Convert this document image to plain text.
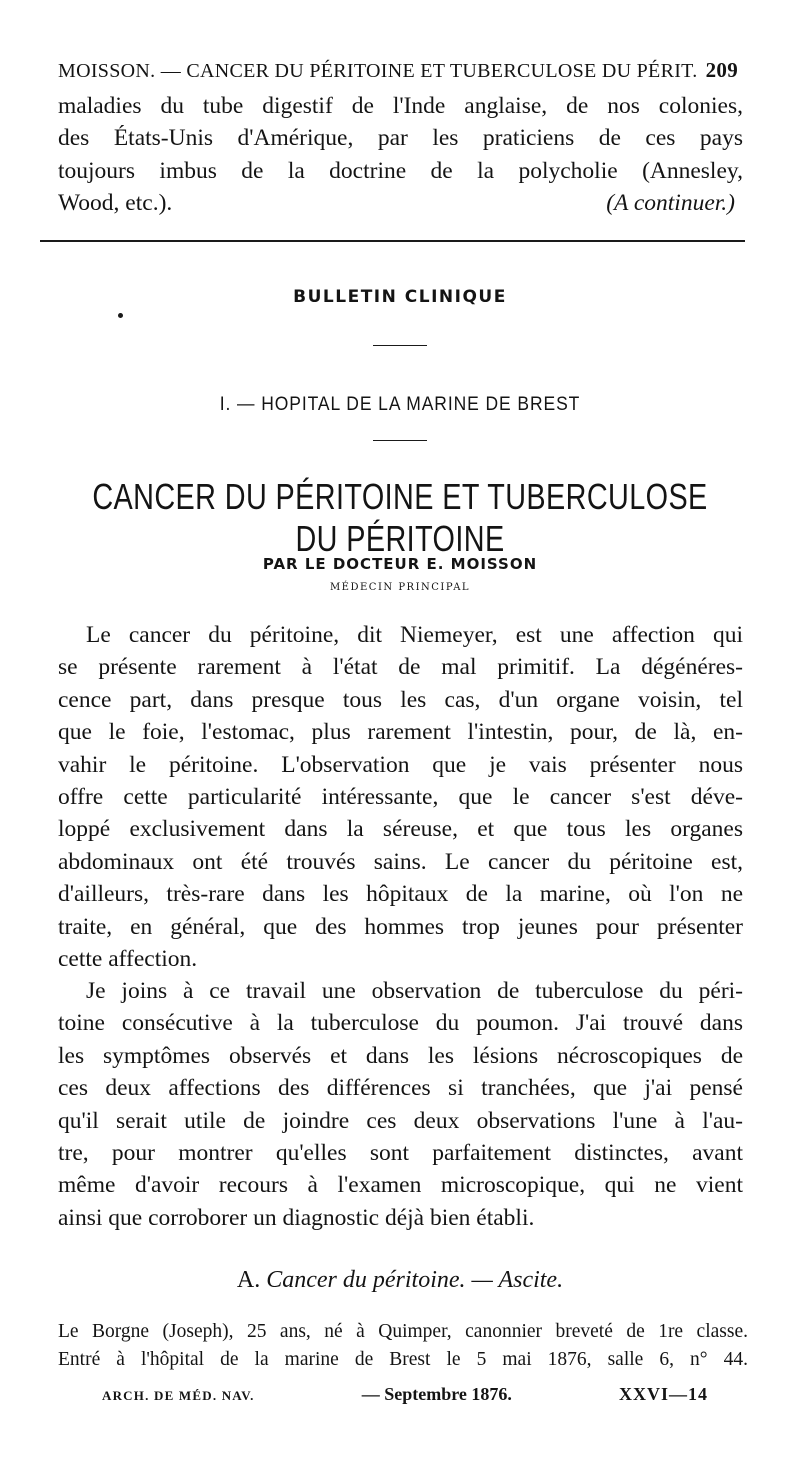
MOISSON. — CANCER DU PÉRITOINE ET TUBERCULOSE DU PÉRIT. 209
maladies du tube digestif de l'Inde anglaise, de nos colonies,
des États-Unis d'Amérique, par les praticiens de ces pays
toujours imbus de la doctrine de la polycholie (Annesley,
Wood, etc.).	(A continuer.)
BULLETIN CLINIQUE
I. — HOPITAL DE LA MARINE DE BREST
CANCER DU PÉRITOINE ET TUBERCULOSE DU PÉRITOINE
PAR LE DOCTEUR E. MOISSON
MÉDECIN PRINCIPAL
Le cancer du péritoine, dit Niemeyer, est une affection qui
se présente rarement à l'état de mal primitif. La dégénéres-
cence part, dans presque tous les cas, d'un organe voisin, tel
que le foie, l'estomac, plus rarement l'intestin, pour, de là, en-
vahir le péritoine. L'observation que je vais présenter nous
offre cette particularité intéressante, que le cancer s'est déve-
loppé exclusivement dans la séreuse, et que tous les organes
abdominaux ont été trouvés sains. Le cancer du péritoine est,
d'ailleurs, très-rare dans les hôpitaux de la marine, où l'on ne
traite, en général, que des hommes trop jeunes pour présenter
cette affection.
Je joins à ce travail une observation de tuberculose du péri-
toine consécutive à la tuberculose du poumon. J'ai trouvé dans
les symptômes observés et dans les lésions nécroscopiques de
ces deux affections des différences si tranchées, que j'ai pensé
qu'il serait utile de joindre ces deux observations l'une à l'au-
tre, pour montrer qu'elles sont parfaitement distinctes, avant
même d'avoir recours à l'examen microscopique, qui ne vient
ainsi que corroborer un diagnostic déjà bien établi.
A. Cancer du péritoine. — Ascite.
Le Borgne (Joseph), 25 ans, né à Quimper, canonnier breveté de 1re classe.
Entré à l'hôpital de la marine de Brest le 5 mai 1876, salle 6, n° 44.
ARCH. DE MÉD. NAV.	— Septembre 1876.	XXVI—14
